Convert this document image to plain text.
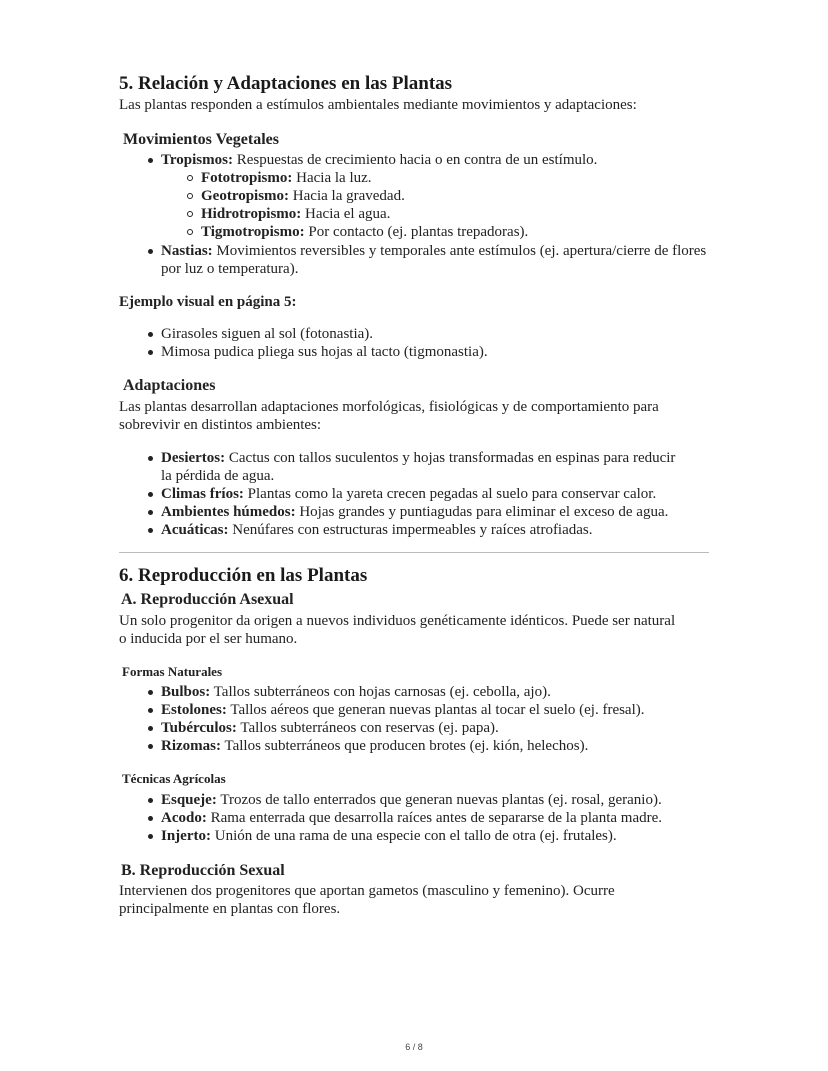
5. Relación y Adaptaciones en las Plantas
Las plantas responden a estímulos ambientales mediante movimientos y adaptaciones:
Movimientos Vegetales
Tropismos: Respuestas de crecimiento hacia o en contra de un estímulo.
Fototropismo: Hacia la luz.
Geotropismo: Hacia la gravedad.
Hidrotropismo: Hacia el agua.
Tigmotropismo: Por contacto (ej. plantas trepadoras).
Nastias: Movimientos reversibles y temporales ante estímulos (ej. apertura/cierre de flores por luz o temperatura).
Ejemplo visual en página 5:
Girasoles siguen al sol (fotonastia).
Mimosa pudica pliega sus hojas al tacto (tigmonastia).
Adaptaciones
Las plantas desarrollan adaptaciones morfológicas, fisiológicas y de comportamiento para sobrevivir en distintos ambientes:
Desiertos: Cactus con tallos suculentos y hojas transformadas en espinas para reducir la pérdida de agua.
Climas fríos: Plantas como la yareta crecen pegadas al suelo para conservar calor.
Ambientes húmedos: Hojas grandes y puntiagudas para eliminar el exceso de agua.
Acuáticas: Nenúfares con estructuras impermeables y raíces atrofiadas.
6. Reproducción en las Plantas
A. Reproducción Asexual
Un solo progenitor da origen a nuevos individuos genéticamente idénticos. Puede ser natural o inducida por el ser humano.
Formas Naturales
Bulbos: Tallos subterráneos con hojas carnosas (ej. cebolla, ajo).
Estolones: Tallos aéreos que generan nuevas plantas al tocar el suelo (ej. fresal).
Tubérculos: Tallos subterráneos con reservas (ej. papa).
Rizomas: Tallos subterráneos que producen brotes (ej. kión, helechos).
Técnicas Agrícolas
Esqueje: Trozos de tallo enterrados que generan nuevas plantas (ej. rosal, geranio).
Acodo: Rama enterrada que desarrolla raíces antes de separarse de la planta madre.
Injerto: Unión de una rama de una especie con el tallo de otra (ej. frutales).
B. Reproducción Sexual
Intervienen dos progenitores que aportan gametos (masculino y femenino). Ocurre principalmente en plantas con flores.
6 / 8
